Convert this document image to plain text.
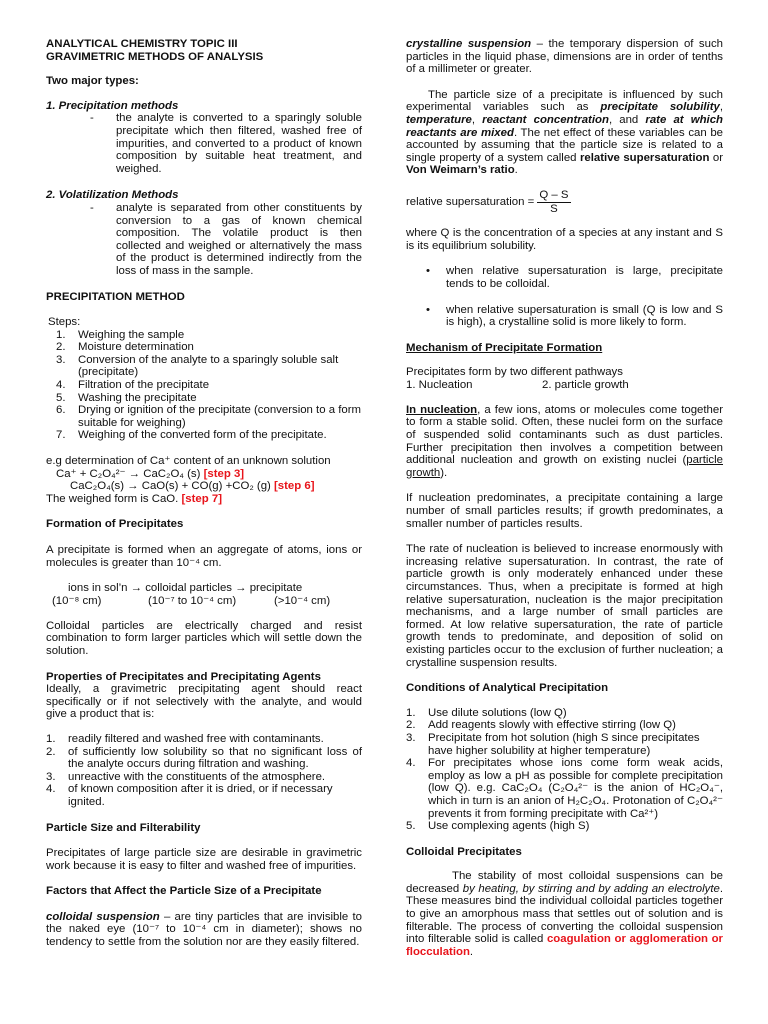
ANALYTICAL CHEMISTRY TOPIC III

GRAVIMETRIC METHODS OF ANALYSIS

Two major types:

1. Precipitation methods

-	the analyte is converted to a sparingly soluble precipitate which then filtered, washed free of impurities, and converted to a product of known composition by suitable heat treatment, and weighed.

2. Volatilization Methods

-	analyte is separated from other constituents by conversion to a gas of known chemical composition. The volatile product is then collected and weighed or alternatively the mass of the product is determined indirectly from the loss of mass in the sample.

PRECIPITATION METHOD

Steps:

1.	Weighing the sample
2.	Moisture determination
3.	Conversion of the analyte to a sparingly soluble salt (precipitate)
4.	Filtration of the precipitate
5.	Washing the precipitate
6.	Drying or ignition of the precipitate (conversion to a form suitable for weighing)
7.	Weighing of the converted form of the precipitate.

e.g determination of Ca⁺ content of an unknown solution

Ca⁺ + C₂O₄²⁻ → CaC₂O₄ (s) [step 3]

CaC₂O₄(s) → CaO(s) + CO(g) +CO₂ (g) [step 6]

The weighed form is CaO. [step 7]

Formation of Precipitates

A precipitate is formed when an aggregate of atoms, ions or molecules is greater than 10⁻⁴ cm.

ions in sol’n → colloidal particles → precipitate

(10⁻⁸ cm)	(10⁻⁷ to 10⁻⁴ cm)	(>10⁻⁴ cm)

Colloidal particles are electrically charged and resist combination to form larger particles which will settle down the solution.

Properties of Precipitates and Precipitating Agents

Ideally, a gravimetric precipitating agent should react specifically or if not selectively with the analyte, and would give a product that is:

1.	readily filtered and washed free with contaminants.
2.	of sufficiently low solubility so that no significant loss of the analyte occurs during filtration and washing.
3.	unreactive with the constituents of the atmosphere.
4.	of known composition after it is dried, or if necessary ignited.

Particle Size and Filterability

Precipitates of large particle size are desirable in gravimetric work because it is easy to filter and washed free of impurities.

Factors that Affect the Particle Size of a Precipitate

colloidal suspension – are tiny particles that are invisible to the naked eye (10⁻⁷ to 10⁻⁴ cm in diameter); shows no tendency to settle from the solution nor are they easily filtered.

crystalline suspension – the temporary dispersion of such particles in the liquid phase, dimensions are in order of tenths of a millimeter or greater.

The particle size of a precipitate is influenced by such experimental variables such as precipitate solubility, temperature, reactant concentration, and rate at which reactants are mixed. The net effect of these variables can be accounted by assuming that the particle size is related to a single property of a system called relative supersaturation or Von Weimarn’s ratio.

relative supersaturation = $\frac{Q - S}{S}$

where Q is the concentration of a species at any instant and S is its equilibrium solubility.

•	when relative supersaturation is large, precipitate tends to be colloidal.
•	when relative supersaturation is small (Q is low and S is high), a crystalline solid is more likely to form.

Mechanism of Precipitate Formation

Precipitates form by two different pathways

1. Nucleation	2. particle growth

In nucleation, a few ions, atoms or molecules come together to form a stable solid. Often, these nuclei form on the surface of suspended solid contaminants such as dust particles. Further precipitation then involves a competition between additional nucleation and growth on existing nuclei (particle growth).

If nucleation predominates, a precipitate containing a large number of small particles results; if growth predominates, a smaller number of particles results.

The rate of nucleation is believed to increase enormously with increasing relative supersaturation. In contrast, the rate of particle growth is only moderately enhanced under these circumstances. Thus, when a precipitate is formed at high relative supersaturation, nucleation is the major precipitation mechanisms, and a large number of small particles are formed. At low relative supersaturation, the rate of particle growth tends to predominate, and deposition of solid on existing particles occur to the exclusion of further nucleation; a crystalline suspension results.

Conditions of Analytical Precipitation

1.	Use dilute solutions (low Q)
2.	Add reagents slowly with effective stirring (low Q)
3.	Precipitate from hot solution (high S since precipitates have higher solubility at higher temperature)
4.	For precipitates whose ions come form weak acids, employ as low a pH as possible for complete precipitation (low Q). e.g. CaC₂O₄ (C₂O₄²⁻ is the anion of HC₂O₄⁻, which in turn is an anion of H₂C₂O₄. Protonation of C₂O₄²⁻ prevents it from forming precipitate with Ca²⁺)
5.	Use complexing agents (high S)

Colloidal Precipitates

The stability of most colloidal suspensions can be decreased by heating, by stirring and by adding an electrolyte. These measures bind the individual colloidal particles together to give an amorphous mass that settles out of solution and is filterable. The process of converting the colloidal suspension into filterable solid is called coagulation or agglomeration or flocculation.
